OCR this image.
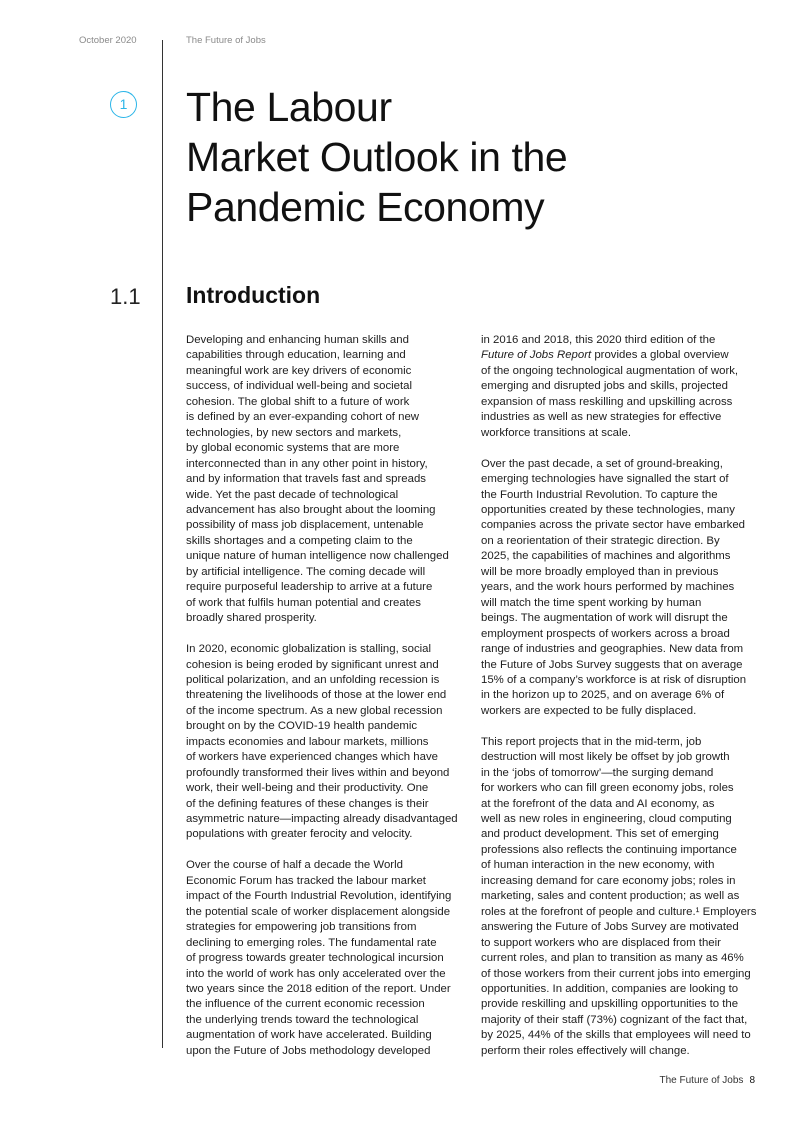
October 2020	The Future of Jobs
1 The Labour
Market Outlook in the
Pandemic Economy
1.1 Introduction

Developing and enhancing human skills and
capabilities through education, learning and
meaningful work are key drivers of economic
success, of individual well-being and societal
cohesion. The global shift to a future of work
is defined by an ever-expanding cohort of new
technologies, by new sectors and markets,
by global economic systems that are more
interconnected than in any other point in history,
and by information that travels fast and spreads
wide. Yet the past decade of technological
advancement has also brought about the looming
possibility of mass job displacement, untenable
skills shortages and a competing claim to the
unique nature of human intelligence now challenged
by artificial intelligence. The coming decade will
require purposeful leadership to arrive at a future
of work that fulfils human potential and creates
broadly shared prosperity.

In 2020, economic globalization is stalling, social
cohesion is being eroded by significant unrest and
political polarization, and an unfolding recession is
threatening the livelihoods of those at the lower end
of the income spectrum. As a new global recession
brought on by the COVID-19 health pandemic
impacts economies and labour markets, millions
of workers have experienced changes which have
profoundly transformed their lives within and beyond
work, their well-being and their productivity. One
of the defining features of these changes is their
asymmetric nature—impacting already disadvantaged
populations with greater ferocity and velocity.

Over the course of half a decade the World
Economic Forum has tracked the labour market
impact of the Fourth Industrial Revolution, identifying
the potential scale of worker displacement alongside
strategies for empowering job transitions from
declining to emerging roles. The fundamental rate
of progress towards greater technological incursion
into the world of work has only accelerated over the
two years since the 2018 edition of the report. Under
the influence of the current economic recession
the underlying trends toward the technological
augmentation of work have accelerated. Building
upon the Future of Jobs methodology developed

in 2016 and 2018, this 2020 third edition of the
Future of Jobs Report provides a global overview
of the ongoing technological augmentation of work,
emerging and disrupted jobs and skills, projected
expansion of mass reskilling and upskilling across
industries as well as new strategies for effective
workforce transitions at scale.

Over the past decade, a set of ground-breaking,
emerging technologies have signalled the start of
the Fourth Industrial Revolution. To capture the
opportunities created by these technologies, many
companies across the private sector have embarked
on a reorientation of their strategic direction. By
2025, the capabilities of machines and algorithms
will be more broadly employed than in previous
years, and the work hours performed by machines
will match the time spent working by human
beings. The augmentation of work will disrupt the
employment prospects of workers across a broad
range of industries and geographies. New data from
the Future of Jobs Survey suggests that on average
15% of a company’s workforce is at risk of disruption
in the horizon up to 2025, and on average 6% of
workers are expected to be fully displaced.

This report projects that in the mid-term, job
destruction will most likely be offset by job growth
in the ‘jobs of tomorrow’—the surging demand
for workers who can fill green economy jobs, roles
at the forefront of the data and AI economy, as
well as new roles in engineering, cloud computing
and product development. This set of emerging
professions also reflects the continuing importance
of human interaction in the new economy, with
increasing demand for care economy jobs; roles in
marketing, sales and content production; as well as
roles at the forefront of people and culture.¹ Employers
answering the Future of Jobs Survey are motivated
to support workers who are displaced from their
current roles, and plan to transition as many as 46%
of those workers from their current jobs into emerging
opportunities. In addition, companies are looking to
provide reskilling and upskilling opportunities to the
majority of their staff (73%) cognizant of the fact that,
by 2025, 44% of the skills that employees will need to
perform their roles effectively will change.

The Future of Jobs 8
